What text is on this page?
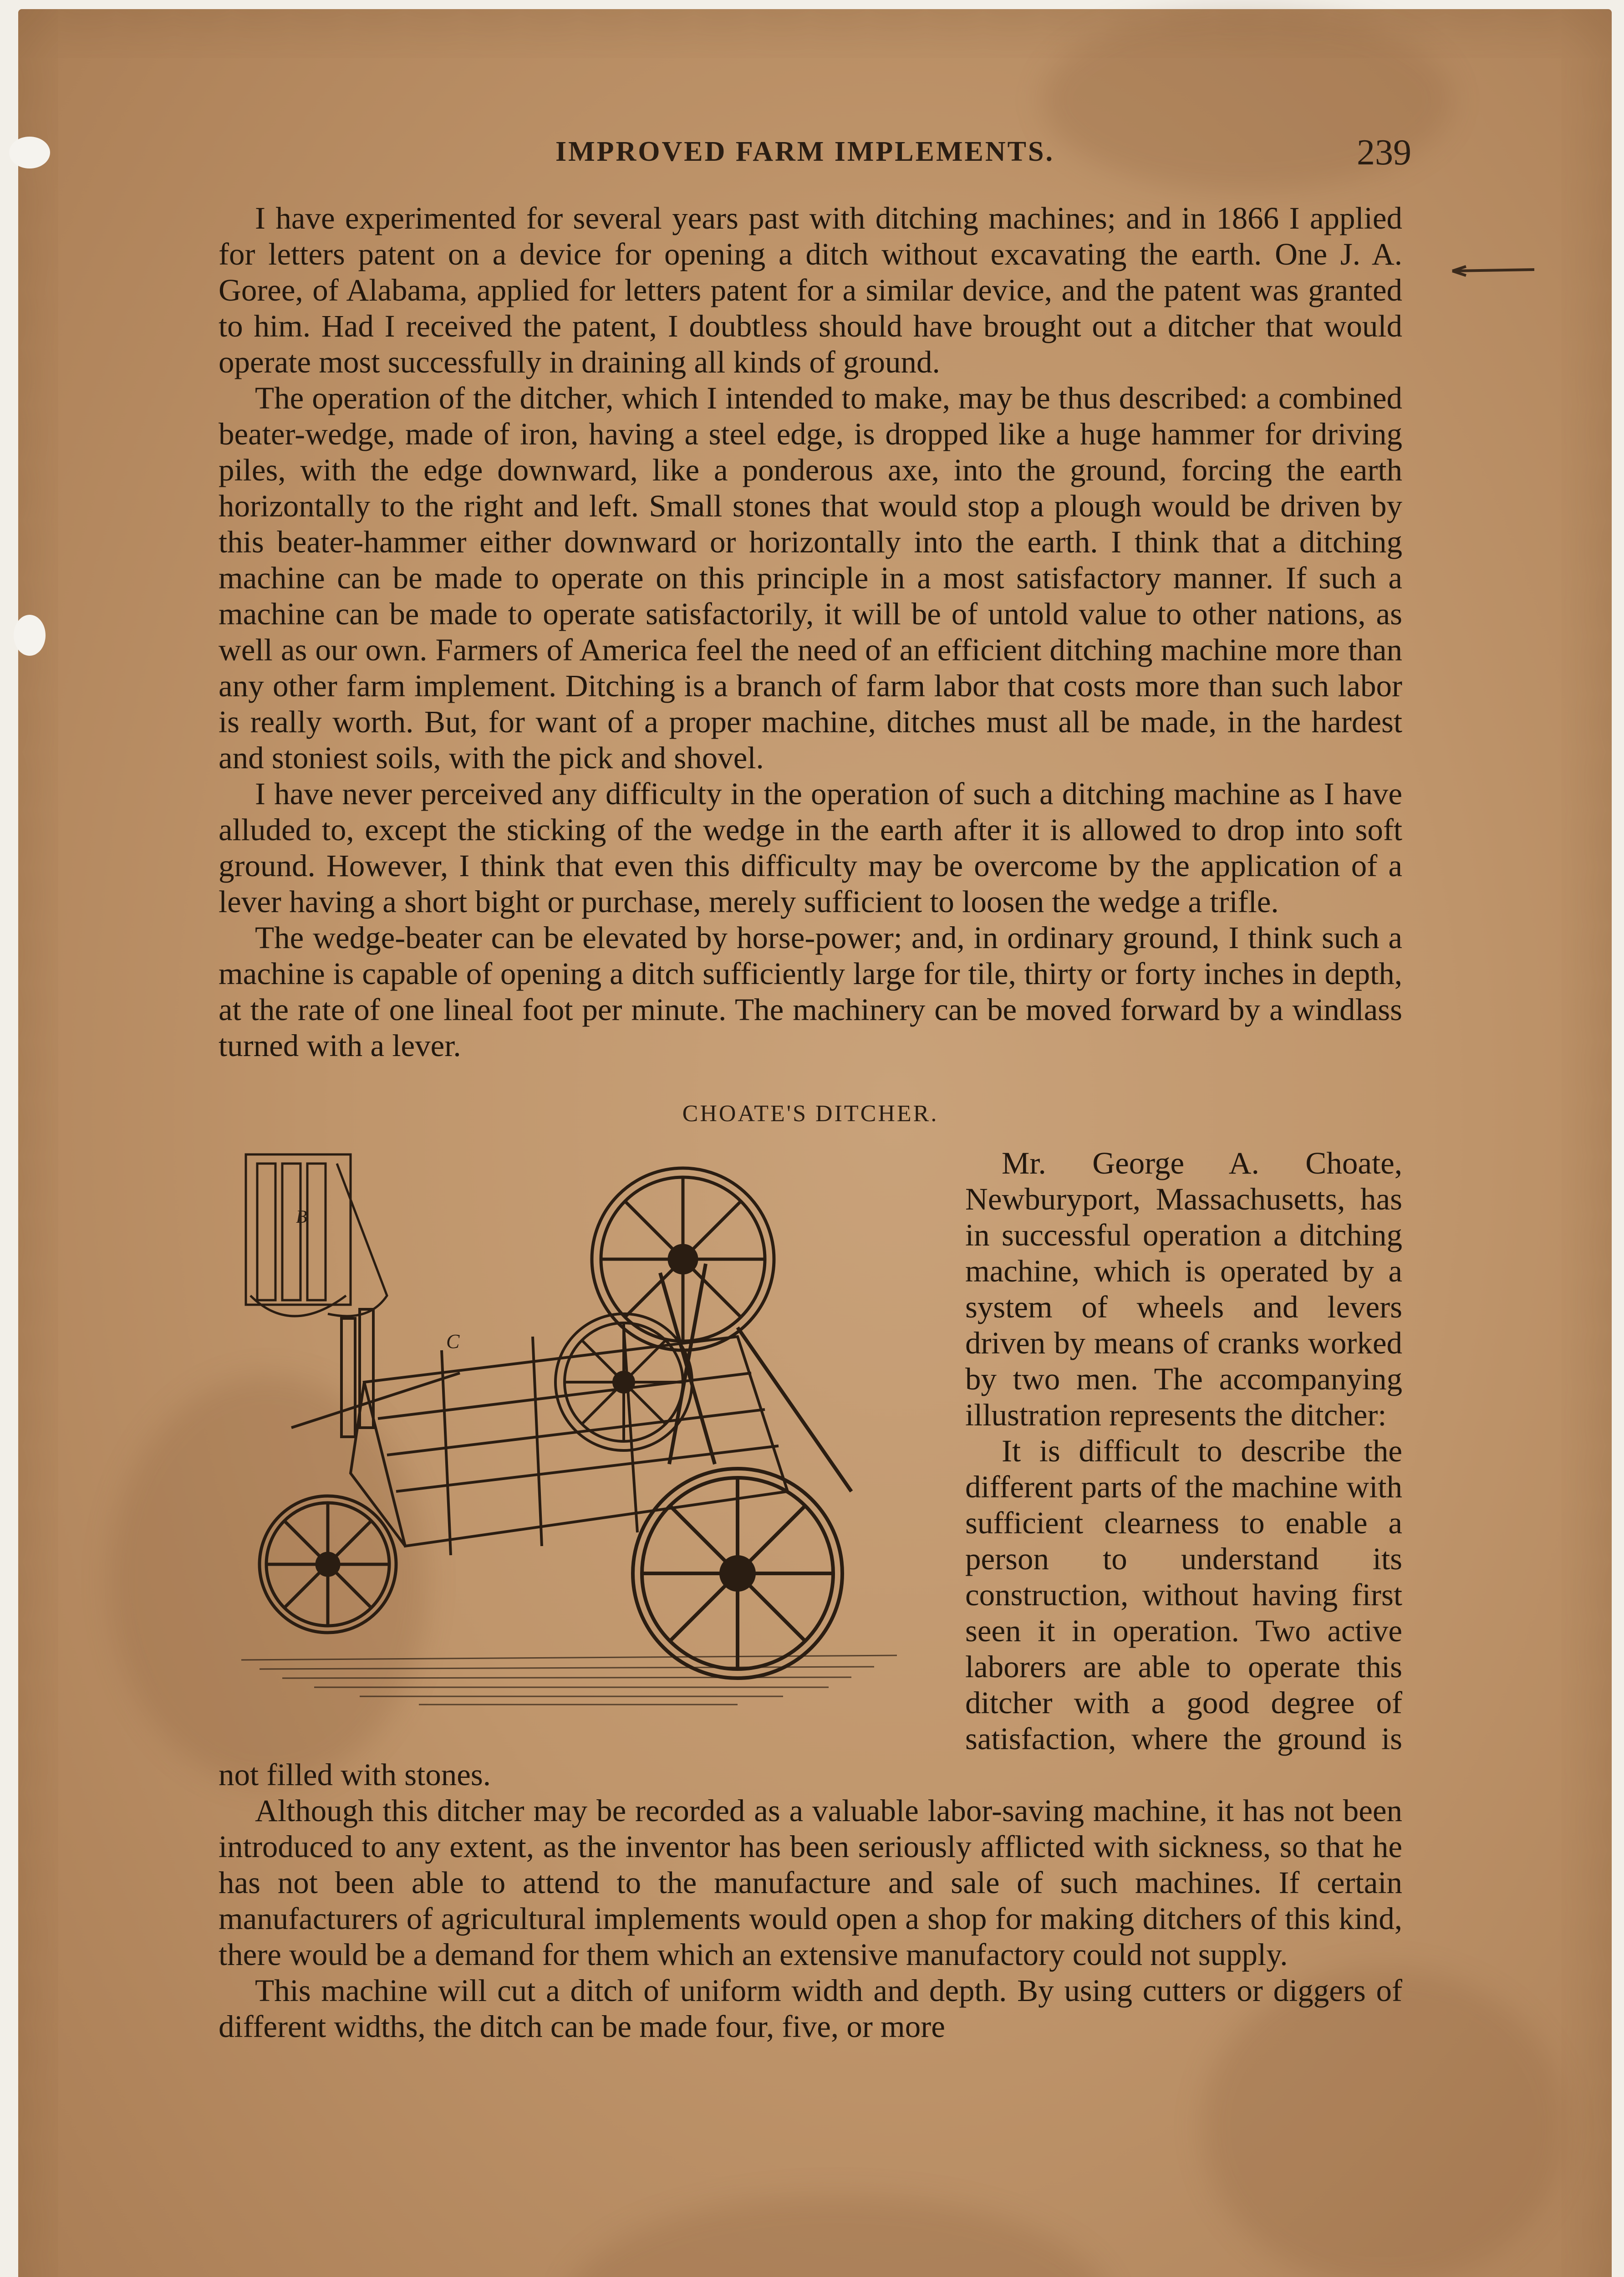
IMPROVED FARM IMPLEMENTS.	239

I have experimented for several years past with ditching machines; and in 1866 I applied for letters patent on a device for opening a ditch without excavating the earth. One J. A. Goree, of Alabama, applied for letters patent for a similar device, and the patent was granted to him. Had I received the patent, I doubtless should have brought out a ditcher that would operate most successfully in draining all kinds of ground.

The operation of the ditcher, which I intended to make, may be thus described: a combined beater-wedge, made of iron, having a steel edge, is dropped like a huge hammer for driving piles, with the edge downward, like a ponderous axe, into the ground, forcing the earth horizontally to the right and left. Small stones that would stop a plough would be driven by this beater-hammer either downward or horizontally into the earth. I think that a ditching machine can be made to operate on this principle in a most satisfactory manner. If such a machine can be made to operate satisfactorily, it will be of untold value to other nations, as well as our own. Farmers of America feel the need of an efficient ditching machine more than any other farm implement. Ditching is a branch of farm labor that costs more than such labor is really worth. But, for want of a proper machine, ditches must all be made, in the hardest and stoniest soils, with the pick and shovel.

I have never perceived any difficulty in the operation of such a ditching machine as I have alluded to, except the sticking of the wedge in the earth after it is allowed to drop into soft ground. However, I think that even this difficulty may be overcome by the application of a lever having a short bight or purchase, merely sufficient to loosen the wedge a trifle.

The wedge-beater can be elevated by horse-power; and, in ordinary ground, I think such a machine is capable of opening a ditch sufficiently large for tile, thirty or forty inches in depth, at the rate of one lineal foot per minute. The machinery can be moved forward by a windlass turned with a lever.

CHOATE'S DITCHER.
B
C

Mr. George A. Choate, Newburyport, Massachusetts, has in successful operation a ditching machine, which is operated by a system of wheels and levers driven by means of cranks worked by two men. The accompanying illustration represents the ditcher:

It is difficult to describe the different parts of the machine with sufficient clearness to enable a person to understand its construction, without having first seen it in operation. Two active laborers are able to operate this ditcher with a good degree of satisfaction, where the ground is not filled with stones.

Although this ditcher may be recorded as a valuable labor-saving machine, it has not been introduced to any extent, as the inventor has been seriously afflicted with sickness, so that he has not been able to attend to the manufacture and sale of such machines. If certain manufacturers of agricultural implements would open a shop for making ditchers of this kind, there would be a demand for them which an extensive manufactory could not supply.

This machine will cut a ditch of uniform width and depth. By using cutters or diggers of different widths, the ditch can be made four, five, or more
